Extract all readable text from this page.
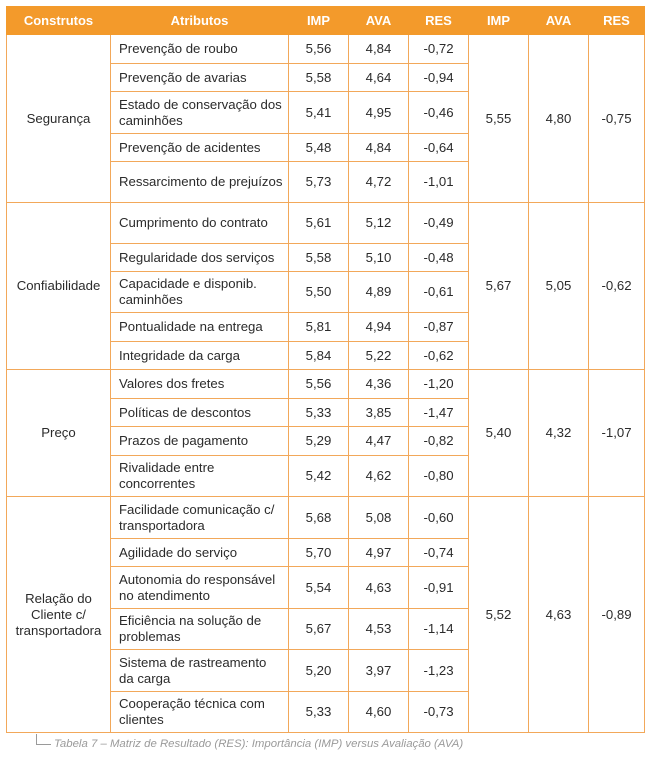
Construtos	Atributos	IMP	AVA	RES	IMP	AVA	RES
Segurança	Prevenção de roubo	5,56	4,84	-0,72	5,55	4,80	-0,75
	Prevenção de avarias	5,58	4,64	-0,94			
	Estado de conservação dos caminhões	5,41	4,95	-0,46			
	Prevenção de acidentes	5,48	4,84	-0,64			
	Ressarcimento de prejuízos	5,73	4,72	-1,01			
Confiabilidade	Cumprimento do contrato	5,61	5,12	-0,49	5,67	5,05	-0,62
	Regularidade dos serviços	5,58	5,10	-0,48			
	Capacidade e disponib. caminhões	5,50	4,89	-0,61			
	Pontualidade na entrega	5,81	4,94	-0,87			
	Integridade da carga	5,84	5,22	-0,62			
Preço	Valores dos fretes	5,56	4,36	-1,20	5,40	4,32	-1,07
	Políticas de descontos	5,33	3,85	-1,47			
	Prazos de pagamento	5,29	4,47	-0,82			
	Rivalidade entre concorrentes	5,42	4,62	-0,80			
Relação do Cliente c/ transportadora	Facilidade comunicação c/ transportadora	5,68	5,08	-0,60	5,52	4,63	-0,89
	Agilidade do serviço	5,70	4,97	-0,74			
	Autonomia do responsável no atendimento	5,54	4,63	-0,91			
	Eficiência na solução de problemas	5,67	4,53	-1,14			
	Sistema de rastreamento da carga	5,20	3,97	-1,23			
	Cooperação técnica com clientes	5,33	4,60	-0,73			
Tabela 7 – Matriz de Resultado (RES): Importância (IMP) versus Avaliação (AVA)
